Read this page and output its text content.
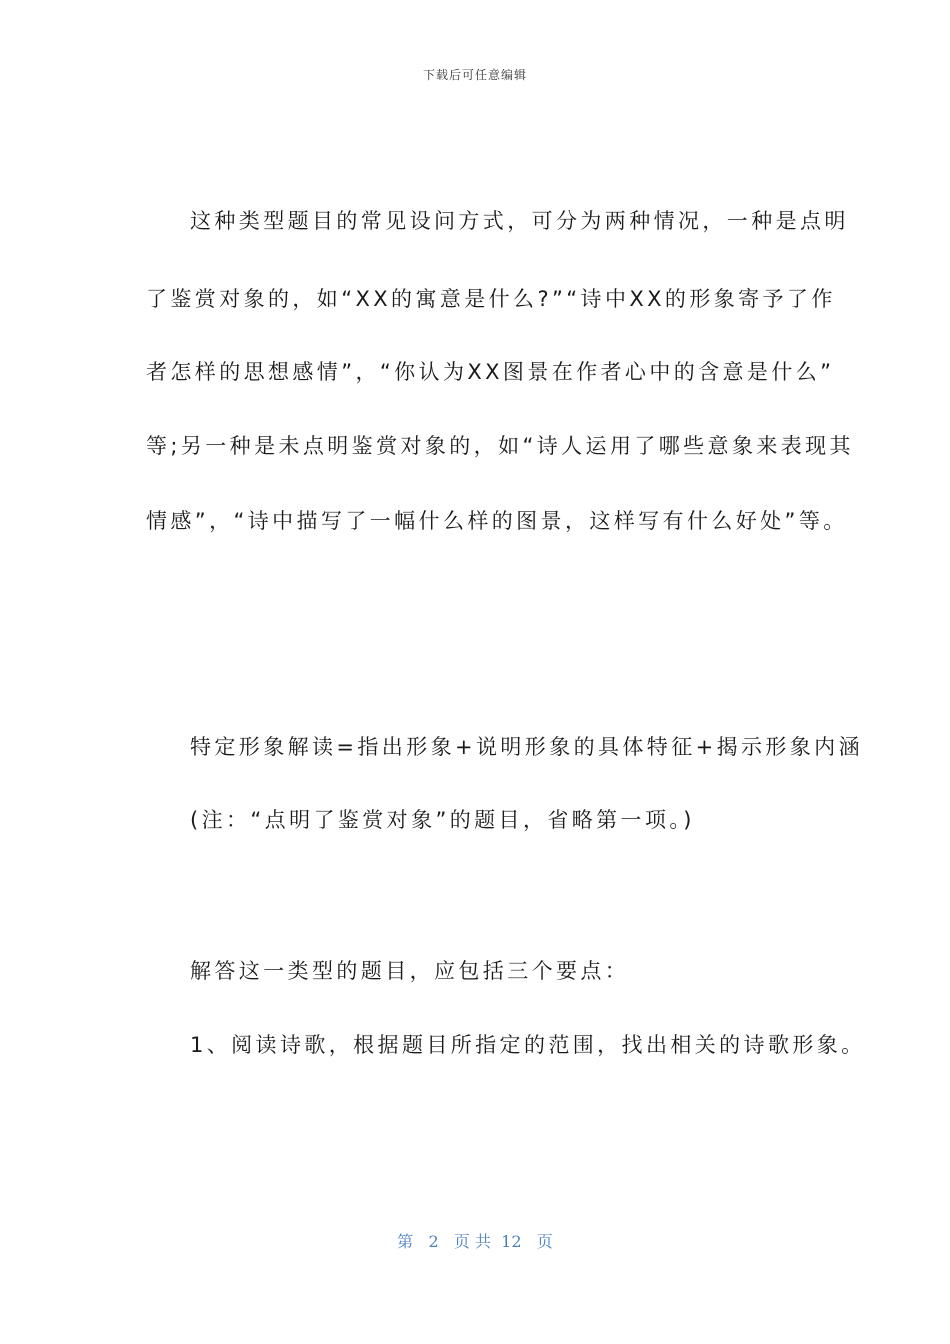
下载后可任意编辑
这种类型题目的常见设问方式，可分为两种情况，一种是点明
了鉴赏对象的，如“XX的寓意是什么?”“诗中XX的形象寄予了作
者怎样的思想感情”，“你认为XX图景在作者心中的含意是什么”
等;另一种是未点明鉴赏对象的，如“诗人运用了哪些意象来表现其
情感”，“诗中描写了一幅什么样的图景，这样写有什么好处”等。
特定形象解读=指出形象+说明形象的具体特征+揭示形象内涵
(注：“点明了鉴赏对象”的题目，省略第一项。)
解答这一类型的题目，应包括三个要点：
1、阅读诗歌，根据题目所指定的范围，找出相关的诗歌形象。
第 2 页 共 12 页
